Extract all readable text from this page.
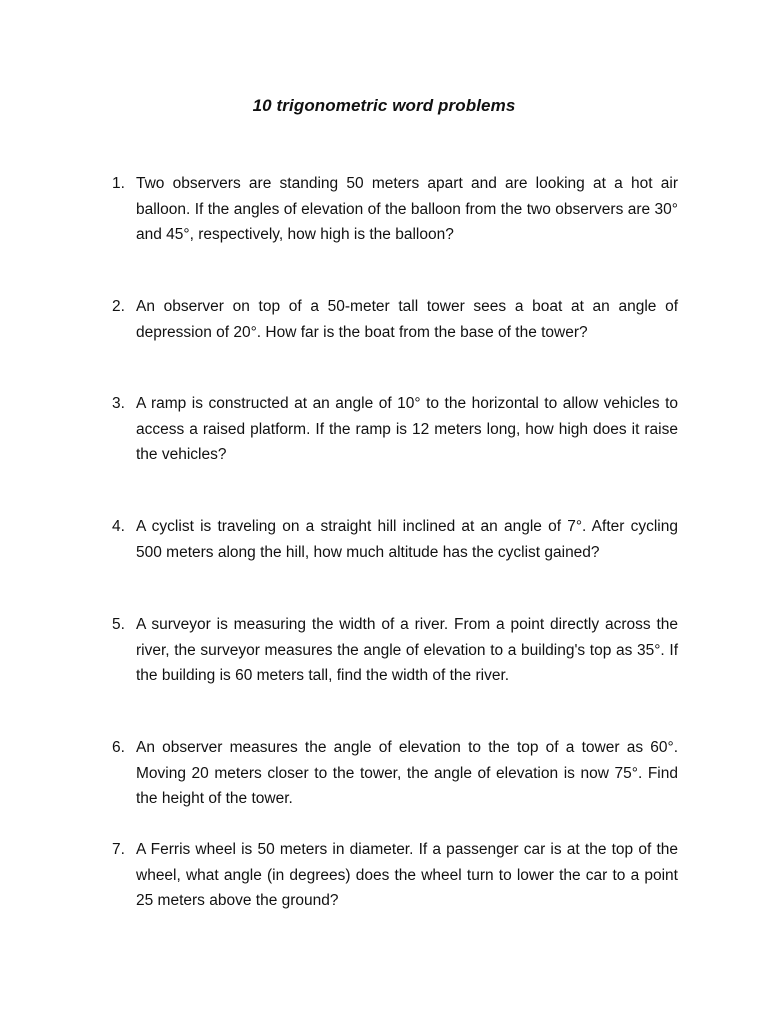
10 trigonometric word problems
1. Two observers are standing 50 meters apart and are looking at a hot air balloon. If the angles of elevation of the balloon from the two observers are 30° and 45°, respectively, how high is the balloon?
2. An observer on top of a 50-meter tall tower sees a boat at an angle of depression of 20°. How far is the boat from the base of the tower?
3. A ramp is constructed at an angle of 10° to the horizontal to allow vehicles to access a raised platform. If the ramp is 12 meters long, how high does it raise the vehicles?
4. A cyclist is traveling on a straight hill inclined at an angle of 7°. After cycling 500 meters along the hill, how much altitude has the cyclist gained?
5. A surveyor is measuring the width of a river. From a point directly across the river, the surveyor measures the angle of elevation to a building's top as 35°. If the building is 60 meters tall, find the width of the river.
6. An observer measures the angle of elevation to the top of a tower as 60°. Moving 20 meters closer to the tower, the angle of elevation is now 75°. Find the height of the tower.
7. A Ferris wheel is 50 meters in diameter. If a passenger car is at the top of the wheel, what angle (in degrees) does the wheel turn to lower the car to a point 25 meters above the ground?
